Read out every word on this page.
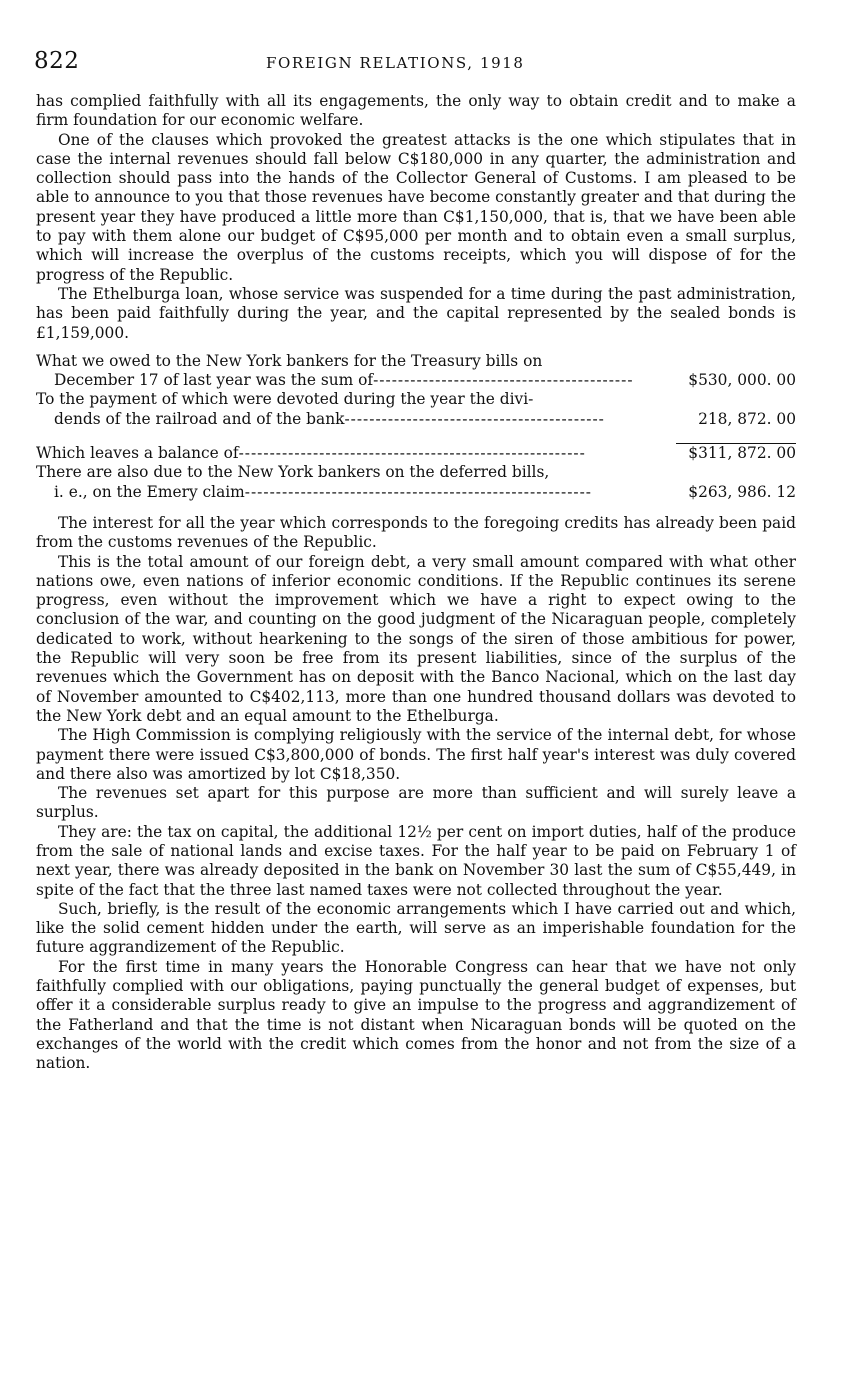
822	FOREIGN RELATIONS, 1918

has complied faithfully with all its engagements, the only way to obtain credit and to make a firm foundation for our economic welfare.

One of the clauses which provoked the greatest attacks is the one which stipulates that in case the internal revenues should fall below C$180,000 in any quarter, the administration and collection should pass into the hands of the Collector General of Customs. I am pleased to be able to announce to you that those revenues have become constantly greater and that during the present year they have produced a little more than C$1,150,000, that is, that we have been able to pay with them alone our budget of C$95,000 per month and to obtain even a small surplus, which will increase the overplus of the customs receipts, which you will dispose of for the progress of the Republic.

The Ethelburga loan, whose service was suspended for a time during the past administration, has been paid faithfully during the year, and the capital represented by the sealed bonds is £1,159,000.

What we owed to the New York bankers for the Treasury bills on
December 17 of last year was the sum of------------------------------------------	$530, 000. 00
To the payment of which were devoted during the year the divi-
dends of the railroad and of the bank------------------------------------------	218, 872. 00
Which leaves a balance of--------------------------------------------------------	$311, 872. 00
There are also due to the New York bankers on the deferred bills,
i. e., on the Emery claim--------------------------------------------------------	$263, 986. 12

The interest for all the year which corresponds to the foregoing credits has already been paid from the customs revenues of the Republic.

This is the total amount of our foreign debt, a very small amount compared with what other nations owe, even nations of inferior economic conditions. If the Republic continues its serene progress, even without the improvement which we have a right to expect owing to the conclusion of the war, and counting on the good judgment of the Nicaraguan people, completely dedicated to work, without hearkening to the songs of the siren of those ambitious for power, the Republic will very soon be free from its present liabilities, since of the surplus of the revenues which the Government has on deposit with the Banco Nacional, which on the last day of November amounted to C$402,113, more than one hundred thousand dollars was devoted to the New York debt and an equal amount to the Ethelburga.

The High Commission is complying religiously with the service of the internal debt, for whose payment there were issued C$3,800,000 of bonds. The first half year's interest was duly covered and there also was amortized by lot C$18,350.

The revenues set apart for this purpose are more than sufficient and will surely leave a surplus.

They are: the tax on capital, the additional 12½ per cent on import duties, half of the produce from the sale of national lands and excise taxes. For the half year to be paid on February 1 of next year, there was already deposited in the bank on November 30 last the sum of C$55,449, in spite of the fact that the three last named taxes were not collected throughout the year.

Such, briefly, is the result of the economic arrangements which I have carried out and which, like the solid cement hidden under the earth, will serve as an imperishable foundation for the future aggrandizement of the Republic.

For the first time in many years the Honorable Congress can hear that we have not only faithfully complied with our obligations, paying punctually the general budget of expenses, but offer it a considerable surplus ready to give an impulse to the progress and aggrandizement of the Fatherland and that the time is not distant when Nicaraguan bonds will be quoted on the exchanges of the world with the credit which comes from the honor and not from the size of a nation.
